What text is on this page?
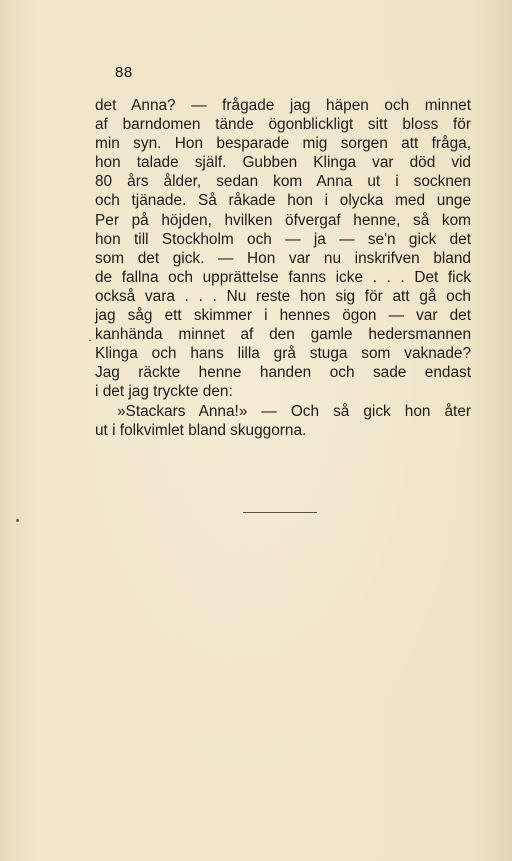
88
det Anna? — frågade jag häpen och minnet
af barndomen tände ögonblickligt sitt bloss för
min syn. Hon besparade mig sorgen att fråga,
hon talade själf. Gubben Klinga var död vid
80 års ålder, sedan kom Anna ut i socknen
och tjänade. Så råkade hon i olycka med unge
Per på höjden, hvilken öfvergaf henne, så kom
hon till Stockholm och — ja — se'n gick det
som det gick. — Hon var nu inskrifven bland
de fallna och upprättelse fanns icke . . . Det fick
också vara . . . Nu reste hon sig för att gå och
jag såg ett skimmer i hennes ögon — var det
kanhända minnet af den gamle hedersmannen
Klinga och hans lilla grå stuga som vaknade?
Jag räckte henne handen och sade endast
i det jag tryckte den:
»Stackars Anna!» — Och så gick hon åter
ut i folkvimlet bland skuggorna.
